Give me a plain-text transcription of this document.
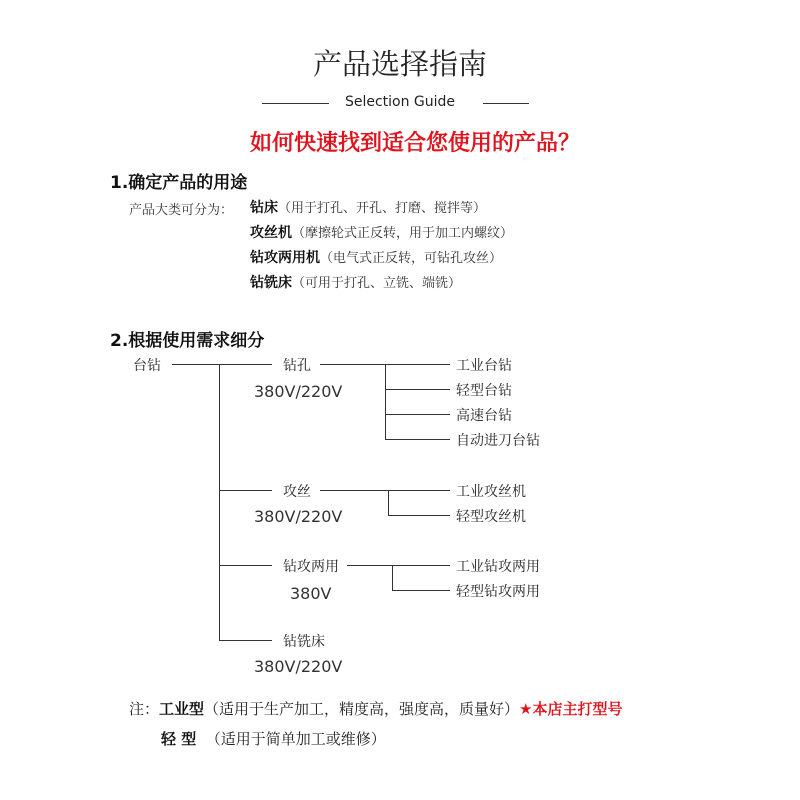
产品选择指南
Selection Guide
如何快速找到适合您使用的产品？
1.确定产品的用途
产品大类可分为： 钻床（用于打孔、开孔、打磨、搅拌等）
攻丝机（摩擦轮式正反转，用于加工内螺纹）
钻攻两用机（电气式正反转，可钻孔攻丝）
钻铣床（可用于打孔、立铣、端铣）
2.根据使用需求细分
台钻	钻孔
380V/220V
工业台钻
轻型台钻
高速台钻
自动进刀台钻
攻丝
380V/220V
工业攻丝机
轻型攻丝机
钻攻两用
380V
工业钻攻两用
轻型钻攻两用
钻铣床
380V/220V
注：工业型（适用于生产加工，精度高，强度高，质量好）★本店主打型号
轻 型 （适用于简单加工或维修）
